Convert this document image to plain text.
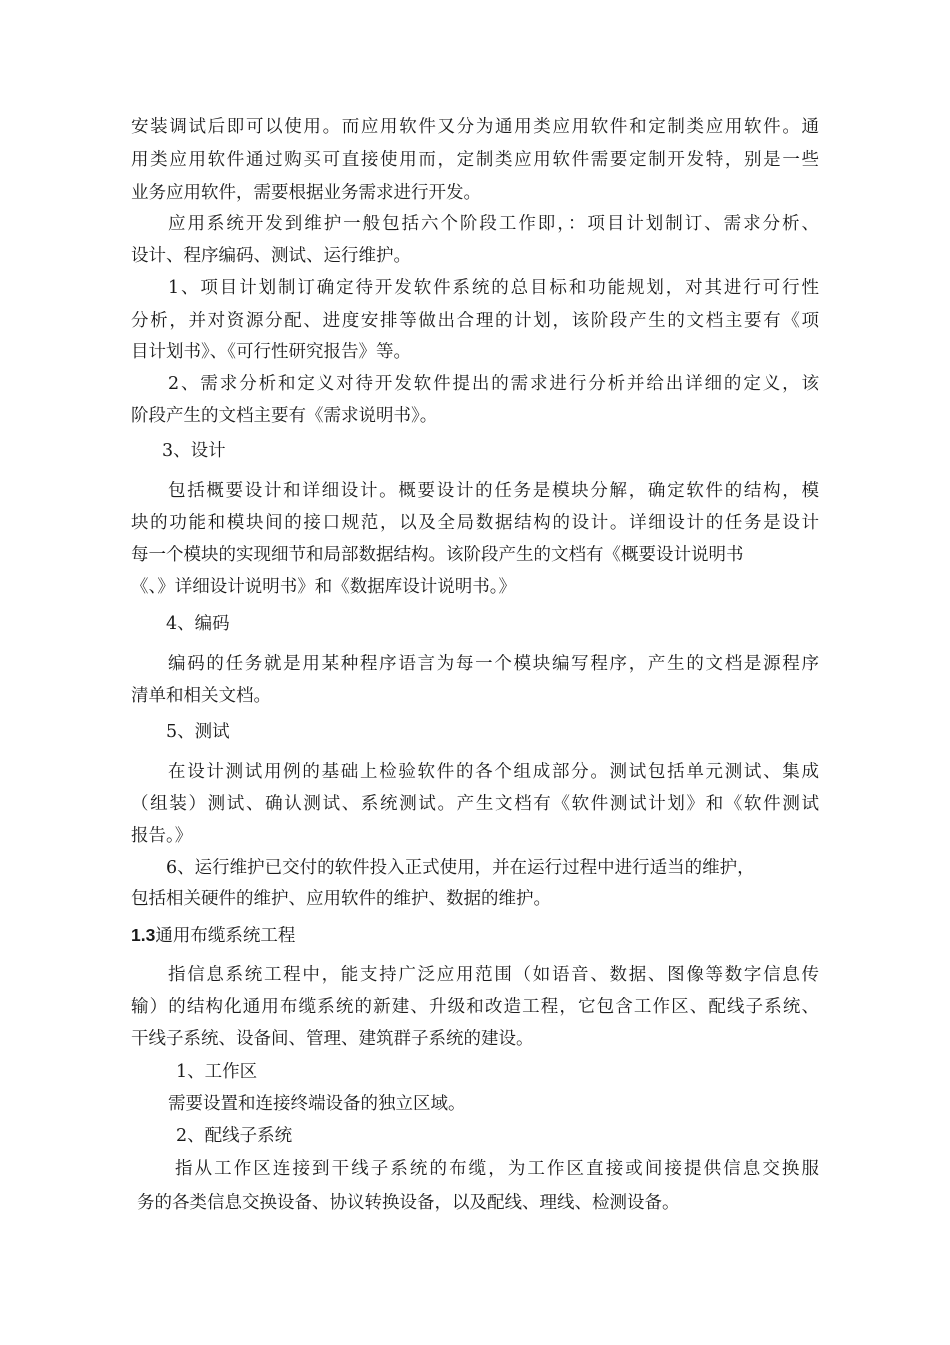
安装调试后即可以使用。而应用软件又分为通用类应用软件和定制类应用软件。通
用类应用软件通过购买可直接使用而，定制类应用软件需要定制开发特，别是一些
业务应用软件，需要根据业务需求进行开发。
应用系统开发到维护一般包括六个阶段工作即，：项目计划制订、需求分析、
设计、程序编码、测试、运行维护。
1、项目计划制订确定待开发软件系统的总目标和功能规划，对其进行可行性
分析，并对资源分配、进度安排等做出合理的计划，该阶段产生的文档主要有《项
目计划书》、《可行性研究报告》等。
2、需求分析和定义对待开发软件提出的需求进行分析并给出详细的定义，该
阶段产生的文档主要有《需求说明书》。
3、设计
包括概要设计和详细设计。概要设计的任务是模块分解，确定软件的结构，模
块的功能和模块间的接口规范，以及全局数据结构的设计。详细设计的任务是设计
每一个模块的实现细节和局部数据结构。该阶段产生的文档有《概要设计说明书
《、》详细设计说明书》和《数据库设计说明书。》
4、编码
编码的任务就是用某种程序语言为每一个模块编写程序，产生的文档是源程序
清单和相关文档。
5、测试
在设计测试用例的基础上检验软件的各个组成部分。测试包括单元测试、集成
（组装）测试、确认测试、系统测试。产生文档有《软件测试计划》和《软件测试
报告。》
6、运行维护已交付的软件投入正式使用，并在运行过程中进行适当的维护，
包括相关硬件的维护、应用软件的维护、数据的维护。
1.3通用布缆系统工程
指信息系统工程中，能支持广泛应用范围（如语音、数据、图像等数字信息传
输）的结构化通用布缆系统的新建、升级和改造工程，它包含工作区、配线子系统、
干线子系统、设备间、管理、建筑群子系统的建设。
1、工作区
需要设置和连接终端设备的独立区域。
2、配线子系统
指从工作区连接到干线子系统的布缆，为工作区直接或间接提供信息交换服
务的各类信息交换设备、协议转换设备，以及配线、理线、检测设备。
